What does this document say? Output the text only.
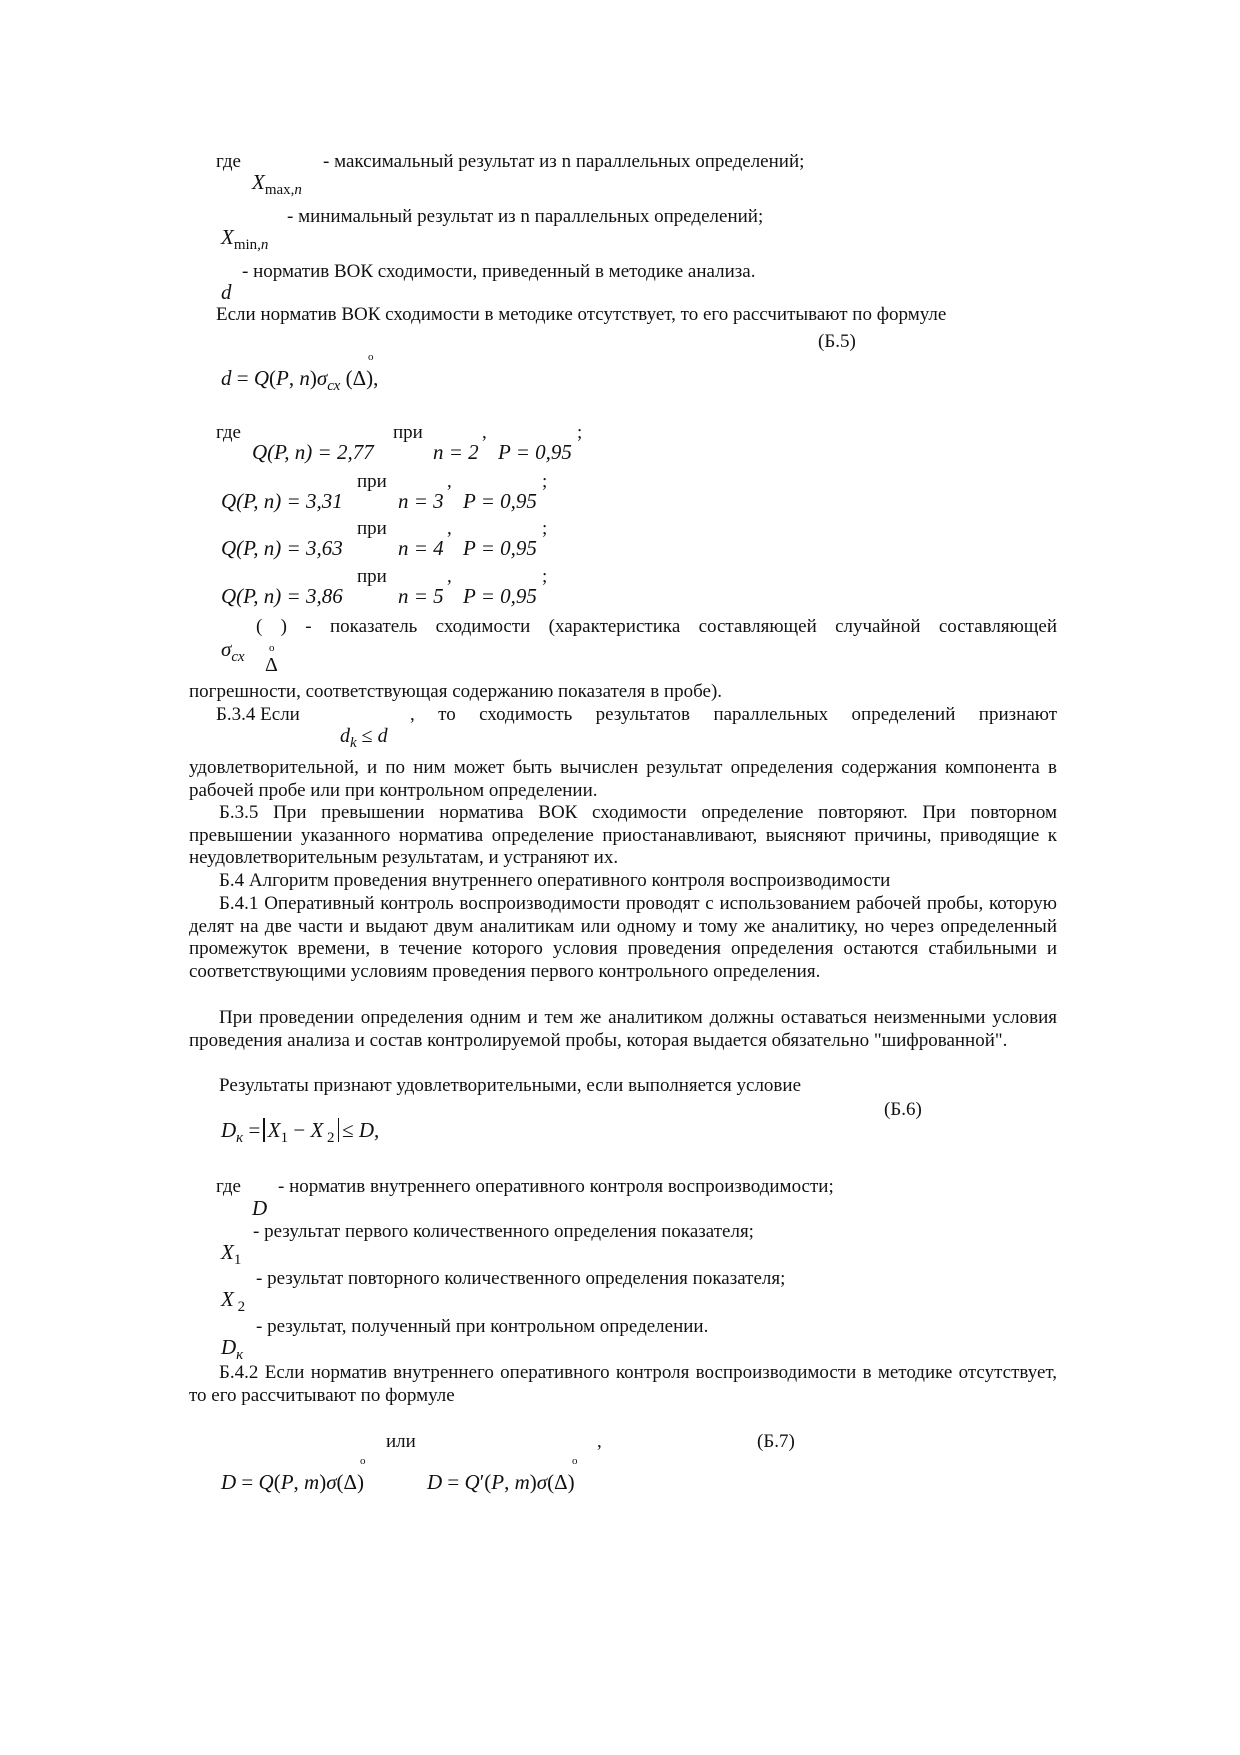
где	- максимальный результат из n параллельных определений;
$X_{max,n}$
- минимальный результат из n параллельных определений;
$X_{min,n}$
- норматив ВОК сходимости, приведенный в методике анализа.
d
Если норматив ВОК сходимости в методике отсутствует, то его рассчитывают по формуле
(Б.5)
o
d = Q(P, $n)\sigma_{сх}$ (Δ),
где	при	,	;
Q(P, n) = 2,77	n = 2 P = 0,95
при	,	;
Q(P, n) = 3,31	n = 3 P = 0,95
при	,	;
Q(P, n) = 3,63	n = 4 P = 0,95
при	,	;
Q(P, n) = 3,86	n = 5 P = 0,95
( ) - показатель сходимости (характеристика составляющей случайной составляющей
$\sigma_{сх}$
o
Δ
погрешности, соответствующая содержанию показателя в пробе).
Б.3.4 Если	, то сходимость результатов параллельных определений признают
$d_k \le d$
удовлетворительной, и по ним может быть вычислен результат определения содержания компонента в рабочей пробе или при контрольном определении.
Б.3.5 При превышении норматива ВОК сходимости определение повторяют. При повторном превышении указанного норматива определение приостанавливают, выясняют причины, приводящие к неудовлетворительным результатам, и устраняют их.
Б.4 Алгоритм проведения внутреннего оперативного контроля воспроизводимости
Б.4.1 Оперативный контроль воспроизводимости проводят с использованием рабочей пробы, которую делят на две части и выдают двум аналитикам или одному и тому же аналитику, но через определенный промежуток времени, в течение которого условия проведения определения остаются стабильными и соответствующими условиям проведения первого контрольного определения.
При проведении определения одним и тем же аналитиком должны оставаться неизменными условия проведения анализа и состав контролируемой пробы, которая выдается обязательно "шифрованной".
Результаты признают удовлетворительными, если выполняется условие
(Б.6)
$D_к = X_1 - X$ $_2$ ≤ D,
где - норматив внутреннего оперативного контроля воспроизводимости;
D
- результат первого количественного определения показателя;
$X_1$
- результат повторного количественного определения показателя;
X $_2$
- результат, полученный при контрольном определении.
$D_к$
Б.4.2 Если норматив внутреннего оперативного контроля воспроизводимости в методике отсутствует, то его рассчитывают по формуле
или	,	(Б.7)
o	o
D = Q(P, m)σ(Δ)	D = Q′(P, m)σ(Δ)
